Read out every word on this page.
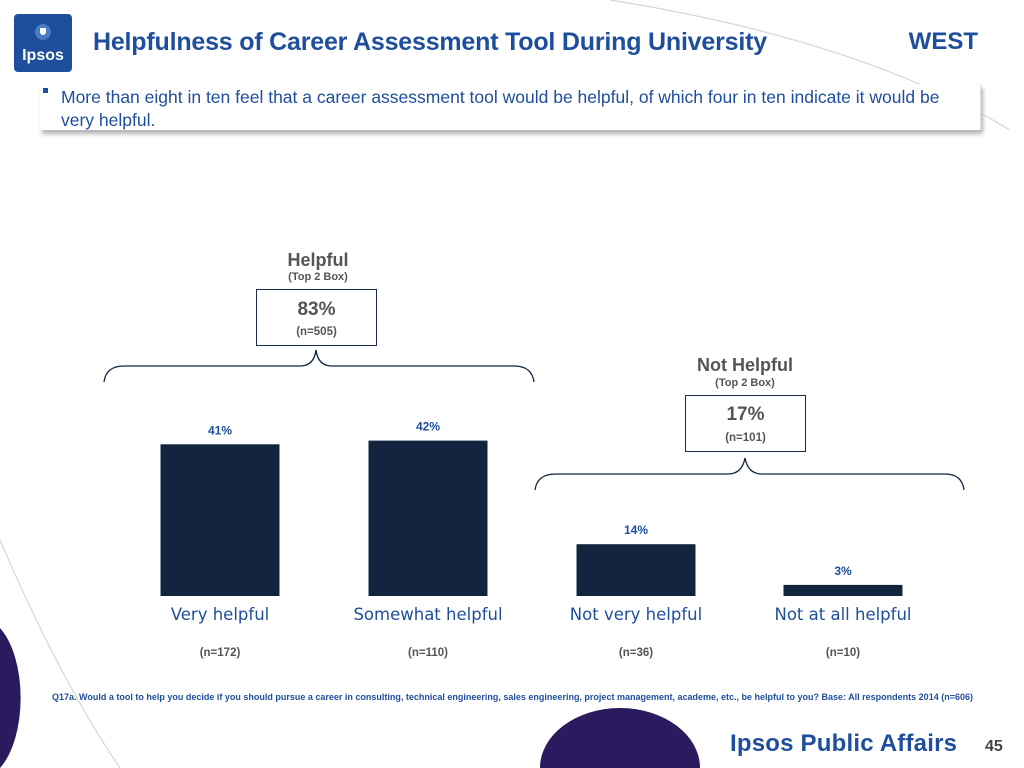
Ipsos	Helpfulness of Career Assessment Tool During University	WEST
More than eight in ten feel that a career assessment tool would be helpful, of which four in ten indicate it would be very helpful.
Helpful
(Top 2 Box)
83%
(n=505)
Not Helpful
(Top 2 Box)
17%
(n=101)
41%
Very helpful
(n=172)
42%
Somewhat helpful
(n=110)
14%
Not very helpful
(n=36)
3%
Not at all helpful
(n=10)
Q17a. Would a tool to help you decide if you should pursue a career in consulting, technical engineering, sales engineering, project management, academe, etc., be helpful to you? Base: All respondents 2014 (n=606)
Ipsos Public Affairs 45
